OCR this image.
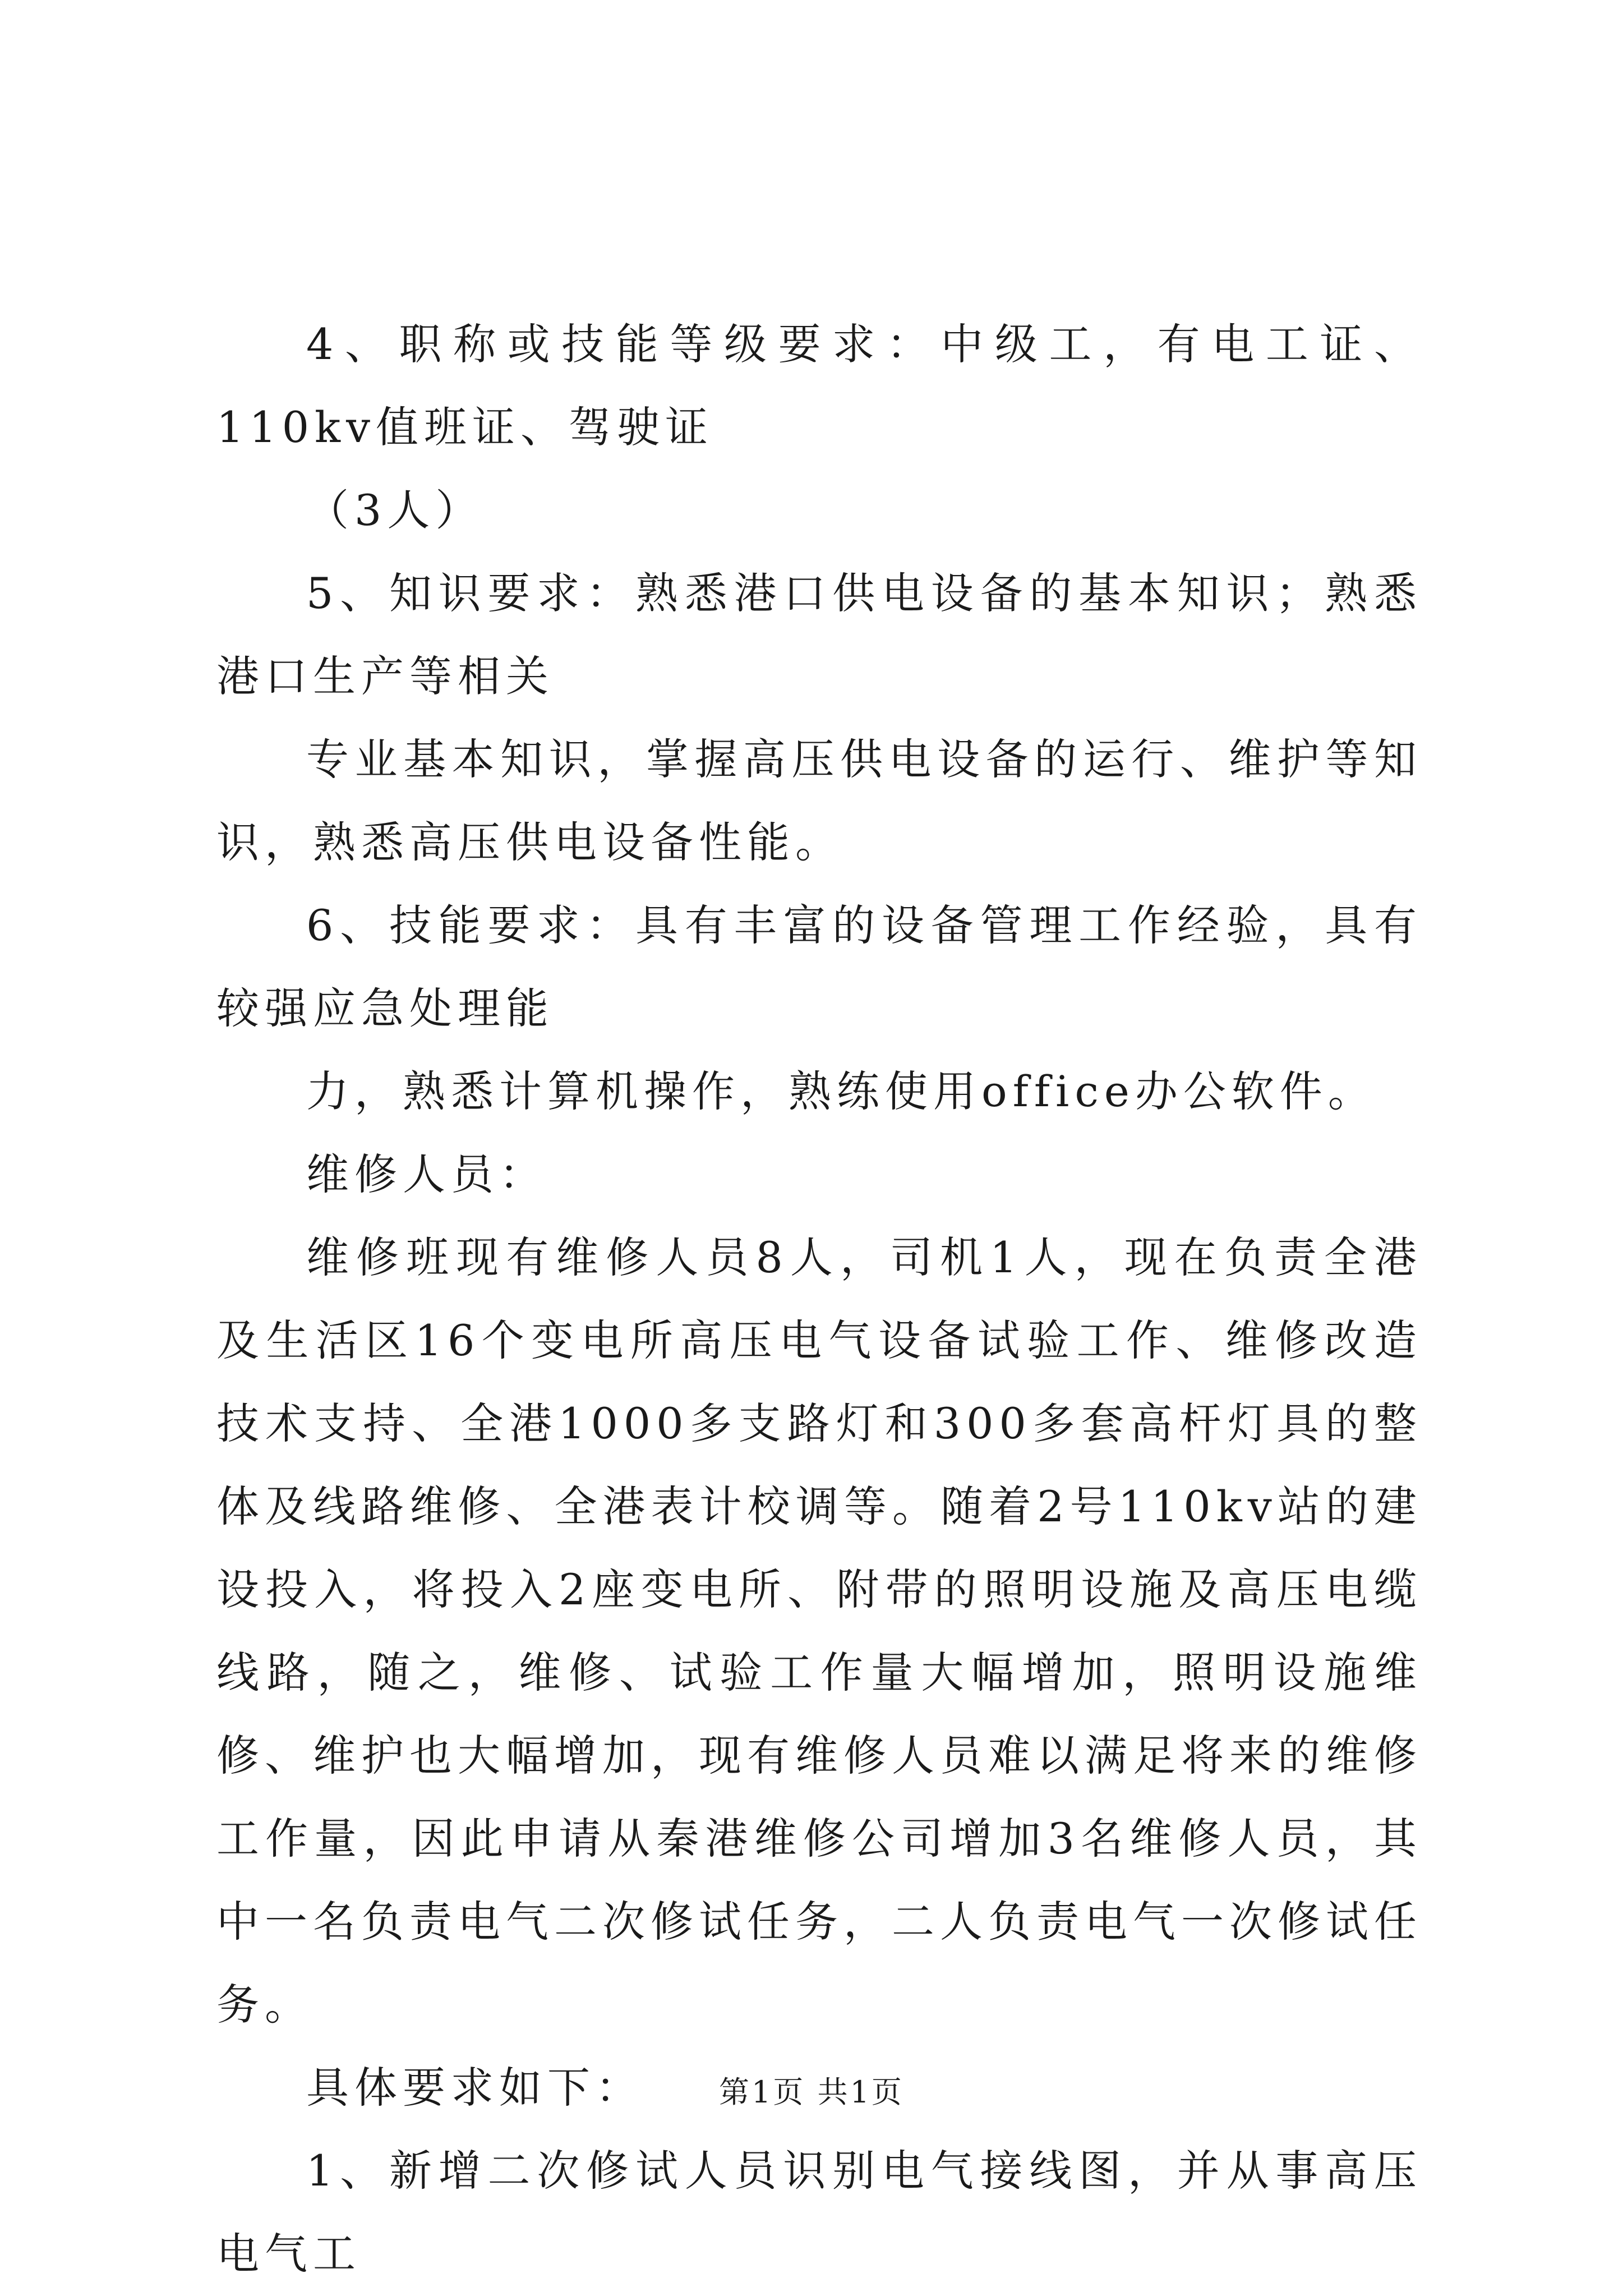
4、职称或技能等级要求：中级工，有电工证、110kv值班证、驾驶证

（3人）

5、知识要求：熟悉港口供电设备的基本知识；熟悉港口生产等相关

专业基本知识，掌握高压供电设备的运行、维护等知识，熟悉高压供电设备性能。

6、技能要求：具有丰富的设备管理工作经验，具有较强应急处理能

力，熟悉计算机操作，熟练使用office办公软件。

维修人员：

维修班现有维修人员8人，司机1人，现在负责全港及生活区16个变电所高压电气设备试验工作、维修改造技术支持、全港1000多支路灯和300多套高杆灯具的整体及线路维修、全港表计校调等。随着2号110kv站的建设投入，将投入2座变电所、附带的照明设施及高压电缆线路，随之，维修、试验工作量大幅增加，照明设施维修、维护也大幅增加，现有维修人员难以满足将来的维修工作量，因此申请从秦港维修公司增加3名维修人员，其中一名负责电气二次修试任务，二人负责电气一次修试任务。

具体要求如下：

1、新增二次修试人员识别电气接线图，并从事高压电气工

第1页 共1页
